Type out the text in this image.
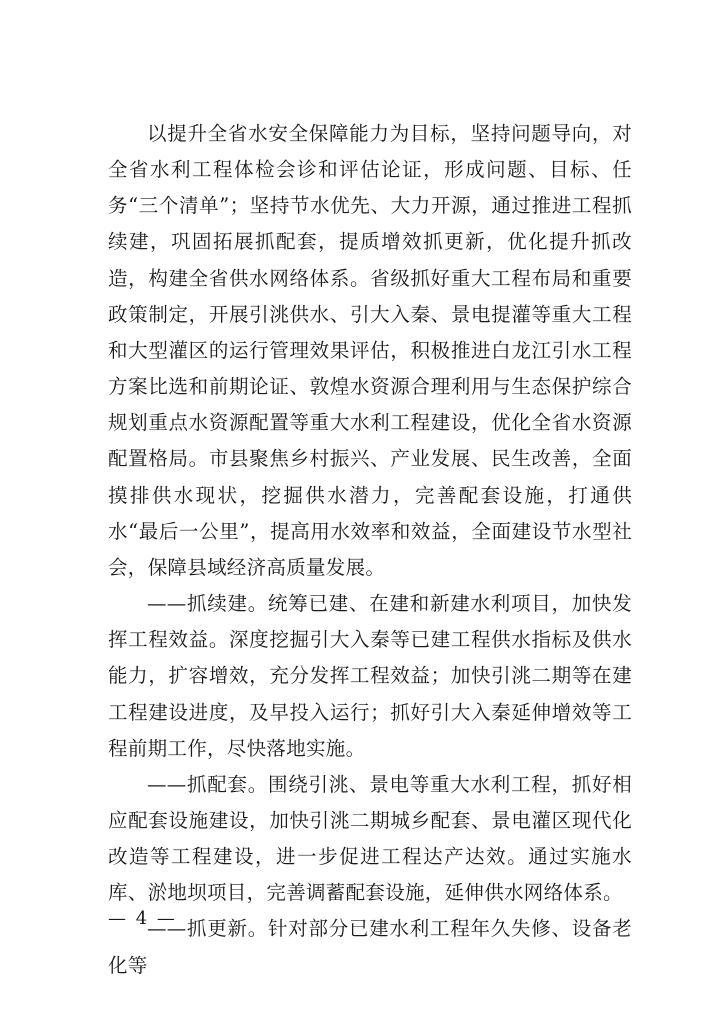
以提升全省水安全保障能力为目标，坚持问题导向，对全省水利工程体检会诊和评估论证，形成问题、目标、任务“三个清单”；坚持节水优先、大力开源，通过推进工程抓续建，巩固拓展抓配套，提质增效抓更新，优化提升抓改造，构建全省供水网络体系。省级抓好重大工程布局和重要政策制定，开展引洮供水、引大入秦、景电提灌等重大工程和大型灌区的运行管理效果评估，积极推进白龙江引水工程方案比选和前期论证、敦煌水资源合理利用与生态保护综合规划重点水资源配置等重大水利工程建设，优化全省水资源配置格局。市县聚焦乡村振兴、产业发展、民生改善，全面摸排供水现状，挖掘供水潜力，完善配套设施，打通供水“最后一公里”，提高用水效率和效益，全面建设节水型社会，保障县域经济高质量发展。

——抓续建。统筹已建、在建和新建水利项目，加快发挥工程效益。深度挖掘引大入秦等已建工程供水指标及供水能力，扩容增效，充分发挥工程效益；加快引洮二期等在建工程建设进度，及早投入运行；抓好引大入秦延伸增效等工程前期工作，尽快落地实施。

——抓配套。围绕引洮、景电等重大水利工程，抓好相应配套设施建设，加快引洮二期城乡配套、景电灌区现代化改造等工程建设，进一步促进工程达产达效。通过实施水库、淤地坝项目，完善调蓄配套设施，延伸供水网络体系。

——抓更新。针对部分已建水利工程年久失修、设备老化等

— 4 —
